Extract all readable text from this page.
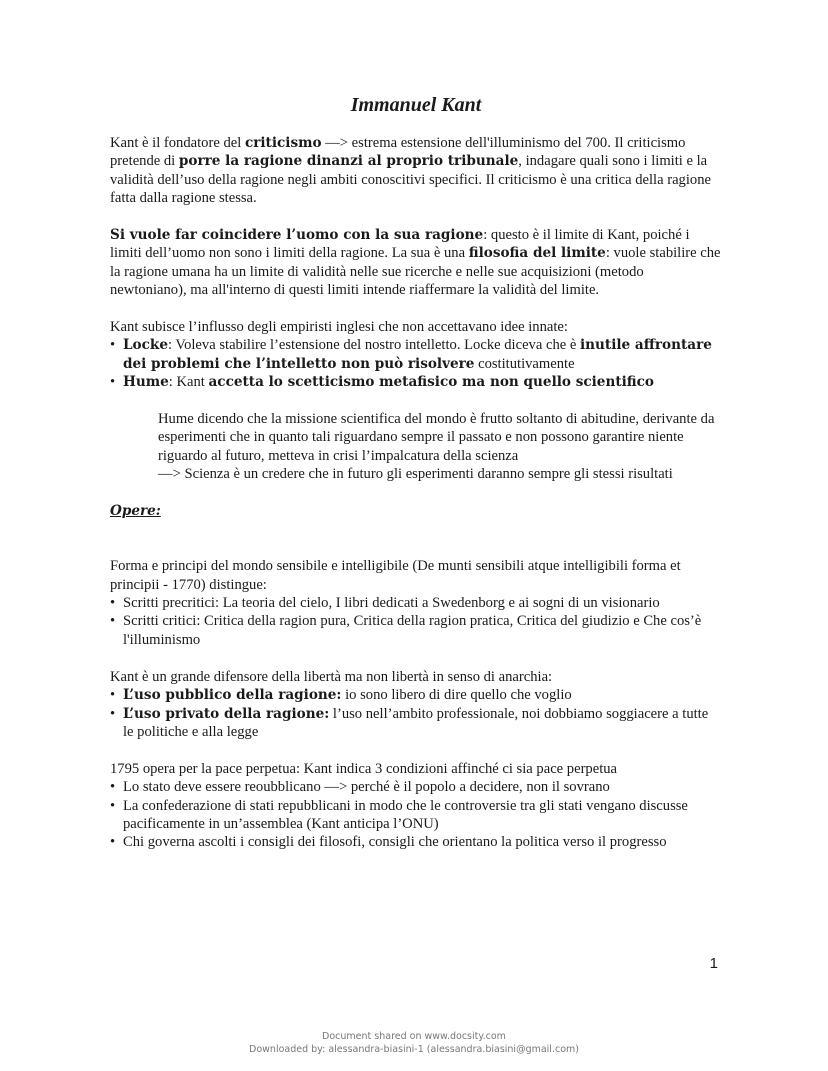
Immanuel Kant

Kant è il fondatore del criticismo —> estrema estensione dell'illuminismo del 700. Il criticismo pretende di porre la ragione dinanzi al proprio tribunale, indagare quali sono i limiti e la validità dell’uso della ragione negli ambiti conoscitivi specifici. Il criticismo è una critica della ragione fatta dalla ragione stessa.

Si vuole far coincidere l’uomo con la sua ragione: questo è il limite di Kant, poiché i limiti dell’uomo non sono i limiti della ragione. La sua è una filosofia del limite: vuole stabilire che la ragione umana ha un limite di validità nelle sue ricerche e nelle sue acquisizioni (metodo newtoniano), ma all'interno di questi limiti intende riaffermare la validità del limite.

Kant subisce l’influsso degli empiristi inglesi che non accettavano idee innate:

• Locke: Voleva stabilire l’estensione del nostro intelletto. Locke diceva che è inutile affrontare dei problemi che l’intelletto non può risolvere costitutivamente
• Hume: Kant accetta lo scetticismo metafisico ma non quello scientifico

Hume dicendo che la missione scientifica del mondo è frutto soltanto di abitudine, derivante da esperimenti che in quanto tali riguardano sempre il passato e non possono garantire niente riguardo al futuro, metteva in crisi l’impalcatura della scienza

—> Scienza è un credere che in futuro gli esperimenti daranno sempre gli stessi risultati

Opere:

Forma e principi del mondo sensibile e intelligibile (De munti sensibili atque intelligibili forma et principii - 1770) distingue:

• Scritti precritici: La teoria del cielo, I libri dedicati a Swedenborg e ai sogni di un visionario
• Scritti critici: Critica della ragion pura, Critica della ragion pratica, Critica del giudizio e Che cos’è l'illuminismo

Kant è un grande difensore della libertà ma non libertà in senso di anarchia:

• L’uso pubblico della ragione: io sono libero di dire quello che voglio
• L’uso privato della ragione: l’uso nell’ambito professionale, noi dobbiamo soggiacere a tutte le politiche e alla legge

1795 opera per la pace perpetua: Kant indica 3 condizioni affinché ci sia pace perpetua

• Lo stato deve essere reoubblicano —> perché è il popolo a decidere, non il sovrano
• La confederazione di stati repubblicani in modo che le controversie tra gli stati vengano discusse pacificamente in un’assemblea (Kant anticipa l’ONU)
• Chi governa ascolti i consigli dei filosofi, consigli che orientano la politica verso il progresso
1
Document shared on www.docsity.com
Downloaded by: alessandra-biasini-1 (alessandra.biasini@gmail.com)
